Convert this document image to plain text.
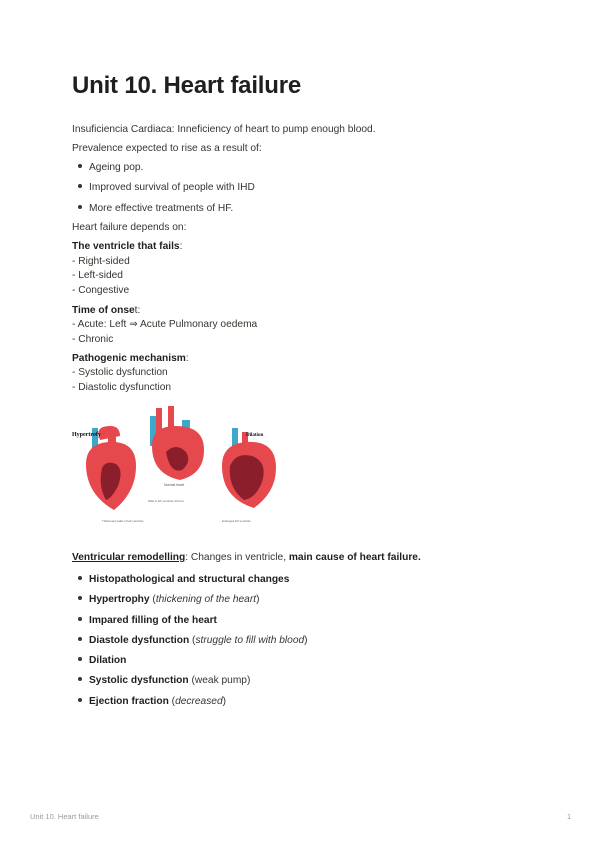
Unit 10. Heart failure
Insuficiencia Cardiaca: Inneficiency of heart to pump enough blood.
Prevalence expected to rise as a result of:
Ageing pop.
Improved survival of people with IHD
More effective treatments of HF.
Heart failure depends on:
The ventricle that fails:
- Right-sided
- Left-sided
- Congestive
Time of onset:
- Acute: Left ⇒ Acute Pulmonary oedema
- Chronic
Pathogenic mechanism:
- Systolic dysfunction
- Diastolic dysfunction
Hypertrofy
Normal heart
Dilation
Thickened walls of left ventricle
Wall of left ventricle thinner
Enlarged left ventricle
Ventricular remodelling: Changes in ventricle, main cause of heart failure.
Histopathological and structural changes
Hypertrophy (thickening of the heart)
Impared filling of the heart
Diastole dysfunction (struggle to fill with blood)
Dilation
Systolic dysfunction (weak pump)
Ejection fraction (decreased)
Unit 10. Heart failure	1
